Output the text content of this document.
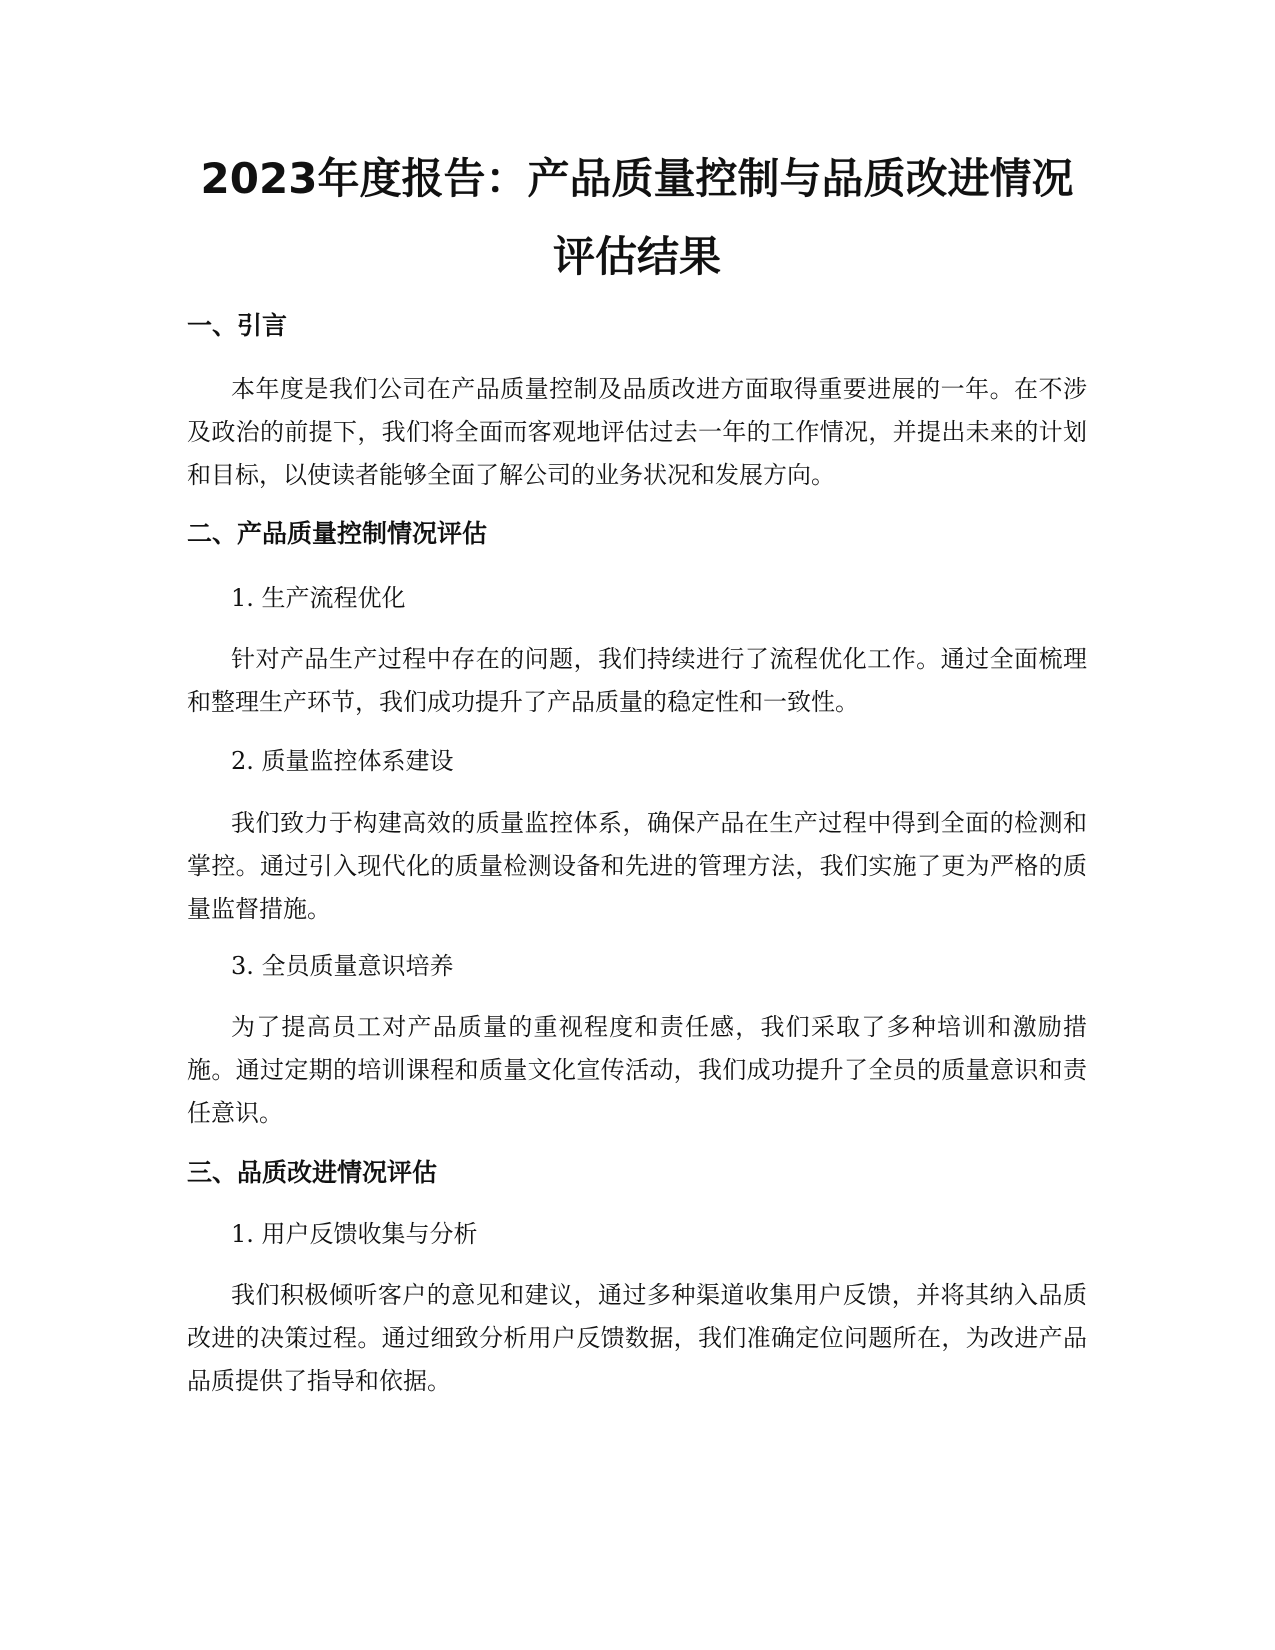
2023年度报告：产品质量控制与品质改进情况评估结果
一、引言

本年度是我们公司在产品质量控制及品质改进方面取得重要进展的一年。在不涉及政治的前提下，我们将全面而客观地评估过去一年的工作情况，并提出未来的计划和目标，以使读者能够全面了解公司的业务状况和发展方向。

二、产品质量控制情况评估
1. 生产流程优化

针对产品生产过程中存在的问题，我们持续进行了流程优化工作。通过全面梳理和整理生产环节，我们成功提升了产品质量的稳定性和一致性。

2. 质量监控体系建设

我们致力于构建高效的质量监控体系，确保产品在生产过程中得到全面的检测和掌控。通过引入现代化的质量检测设备和先进的管理方法，我们实施了更为严格的质量监督措施。

3. 全员质量意识培养

为了提高员工对产品质量的重视程度和责任感，我们采取了多种培训和激励措施。通过定期的培训课程和质量文化宣传活动，我们成功提升了全员的质量意识和责任意识。

三、品质改进情况评估
1. 用户反馈收集与分析

我们积极倾听客户的意见和建议，通过多种渠道收集用户反馈，并将其纳入品质改进的决策过程。通过细致分析用户反馈数据，我们准确定位问题所在，为改进产品品质提供了指导和依据。
